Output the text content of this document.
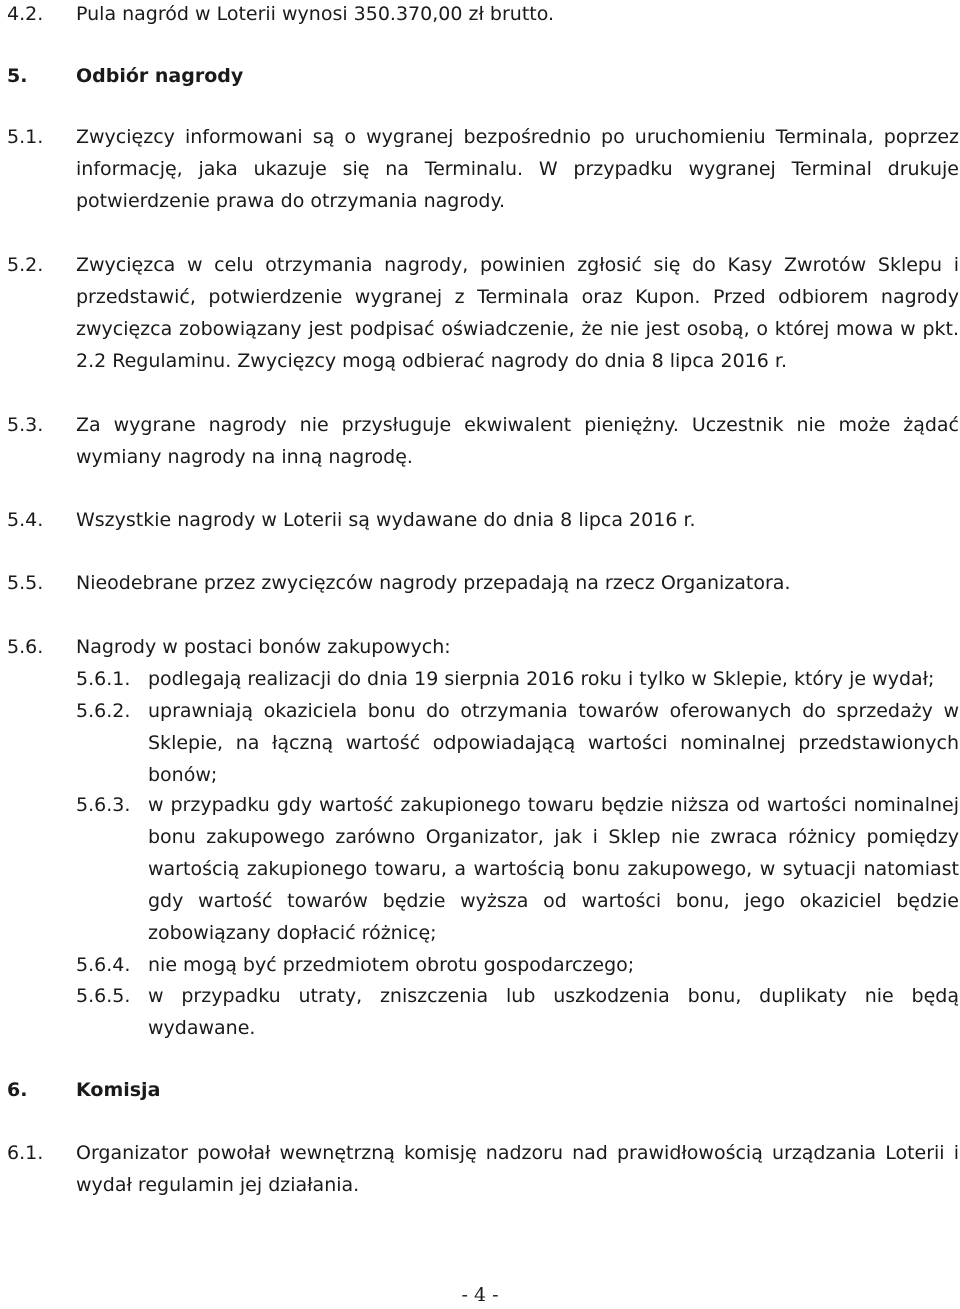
4.2.	Pula nagród w Loterii wynosi 350.370,00 zł brutto.
5.	Odbiór nagrody
5.1.	Zwycięzcy informowani są o wygranej bezpośrednio po uruchomieniu Terminala, poprzez informację, jaka ukazuje się na Terminalu. W przypadku wygranej Terminal drukuje potwierdzenie prawa do otrzymania nagrody.
5.2.	Zwycięzca w celu otrzymania nagrody, powinien zgłosić się do Kasy Zwrotów Sklepu i przedstawić, potwierdzenie wygranej z Terminala oraz Kupon. Przed odbiorem nagrody zwycięzca zobowiązany jest podpisać oświadczenie, że nie jest osobą, o której mowa w pkt. 2.2 Regulaminu. Zwycięzcy mogą odbierać nagrody do dnia 8 lipca 2016 r.
5.3.	Za wygrane nagrody nie przysługuje ekwiwalent pieniężny. Uczestnik nie może żądać wymiany nagrody na inną nagrodę.
5.4.	Wszystkie nagrody w Loterii są wydawane do dnia 8 lipca 2016 r.
5.5.	Nieodebrane przez zwycięzców nagrody przepadają na rzecz Organizatora.
5.6.	Nagrody w postaci bonów zakupowych:
5.6.1. podlegają realizacji do dnia 19 sierpnia 2016 roku i tylko w Sklepie, który je wydał;
5.6.2. uprawniają okaziciela bonu do otrzymania towarów oferowanych do sprzedaży w Sklepie, na łączną wartość odpowiadającą wartości nominalnej przedstawionych bonów;
5.6.3. w przypadku gdy wartość zakupionego towaru będzie niższa od wartości nominalnej bonu zakupowego zarówno Organizator, jak i Sklep nie zwraca różnicy pomiędzy wartością zakupionego towaru, a wartością bonu zakupowego, w sytuacji natomiast gdy wartość towarów będzie wyższa od wartości bonu, jego okaziciel będzie zobowiązany dopłacić różnicę;
5.6.4. nie mogą być przedmiotem obrotu gospodarczego;
5.6.5. w przypadku utraty, zniszczenia lub uszkodzenia bonu, duplikaty nie będą wydawane.
6.	Komisja
6.1.	Organizator powołał wewnętrzną komisję nadzoru nad prawidłowością urządzania Loterii i wydał regulamin jej działania.
- 4 -
